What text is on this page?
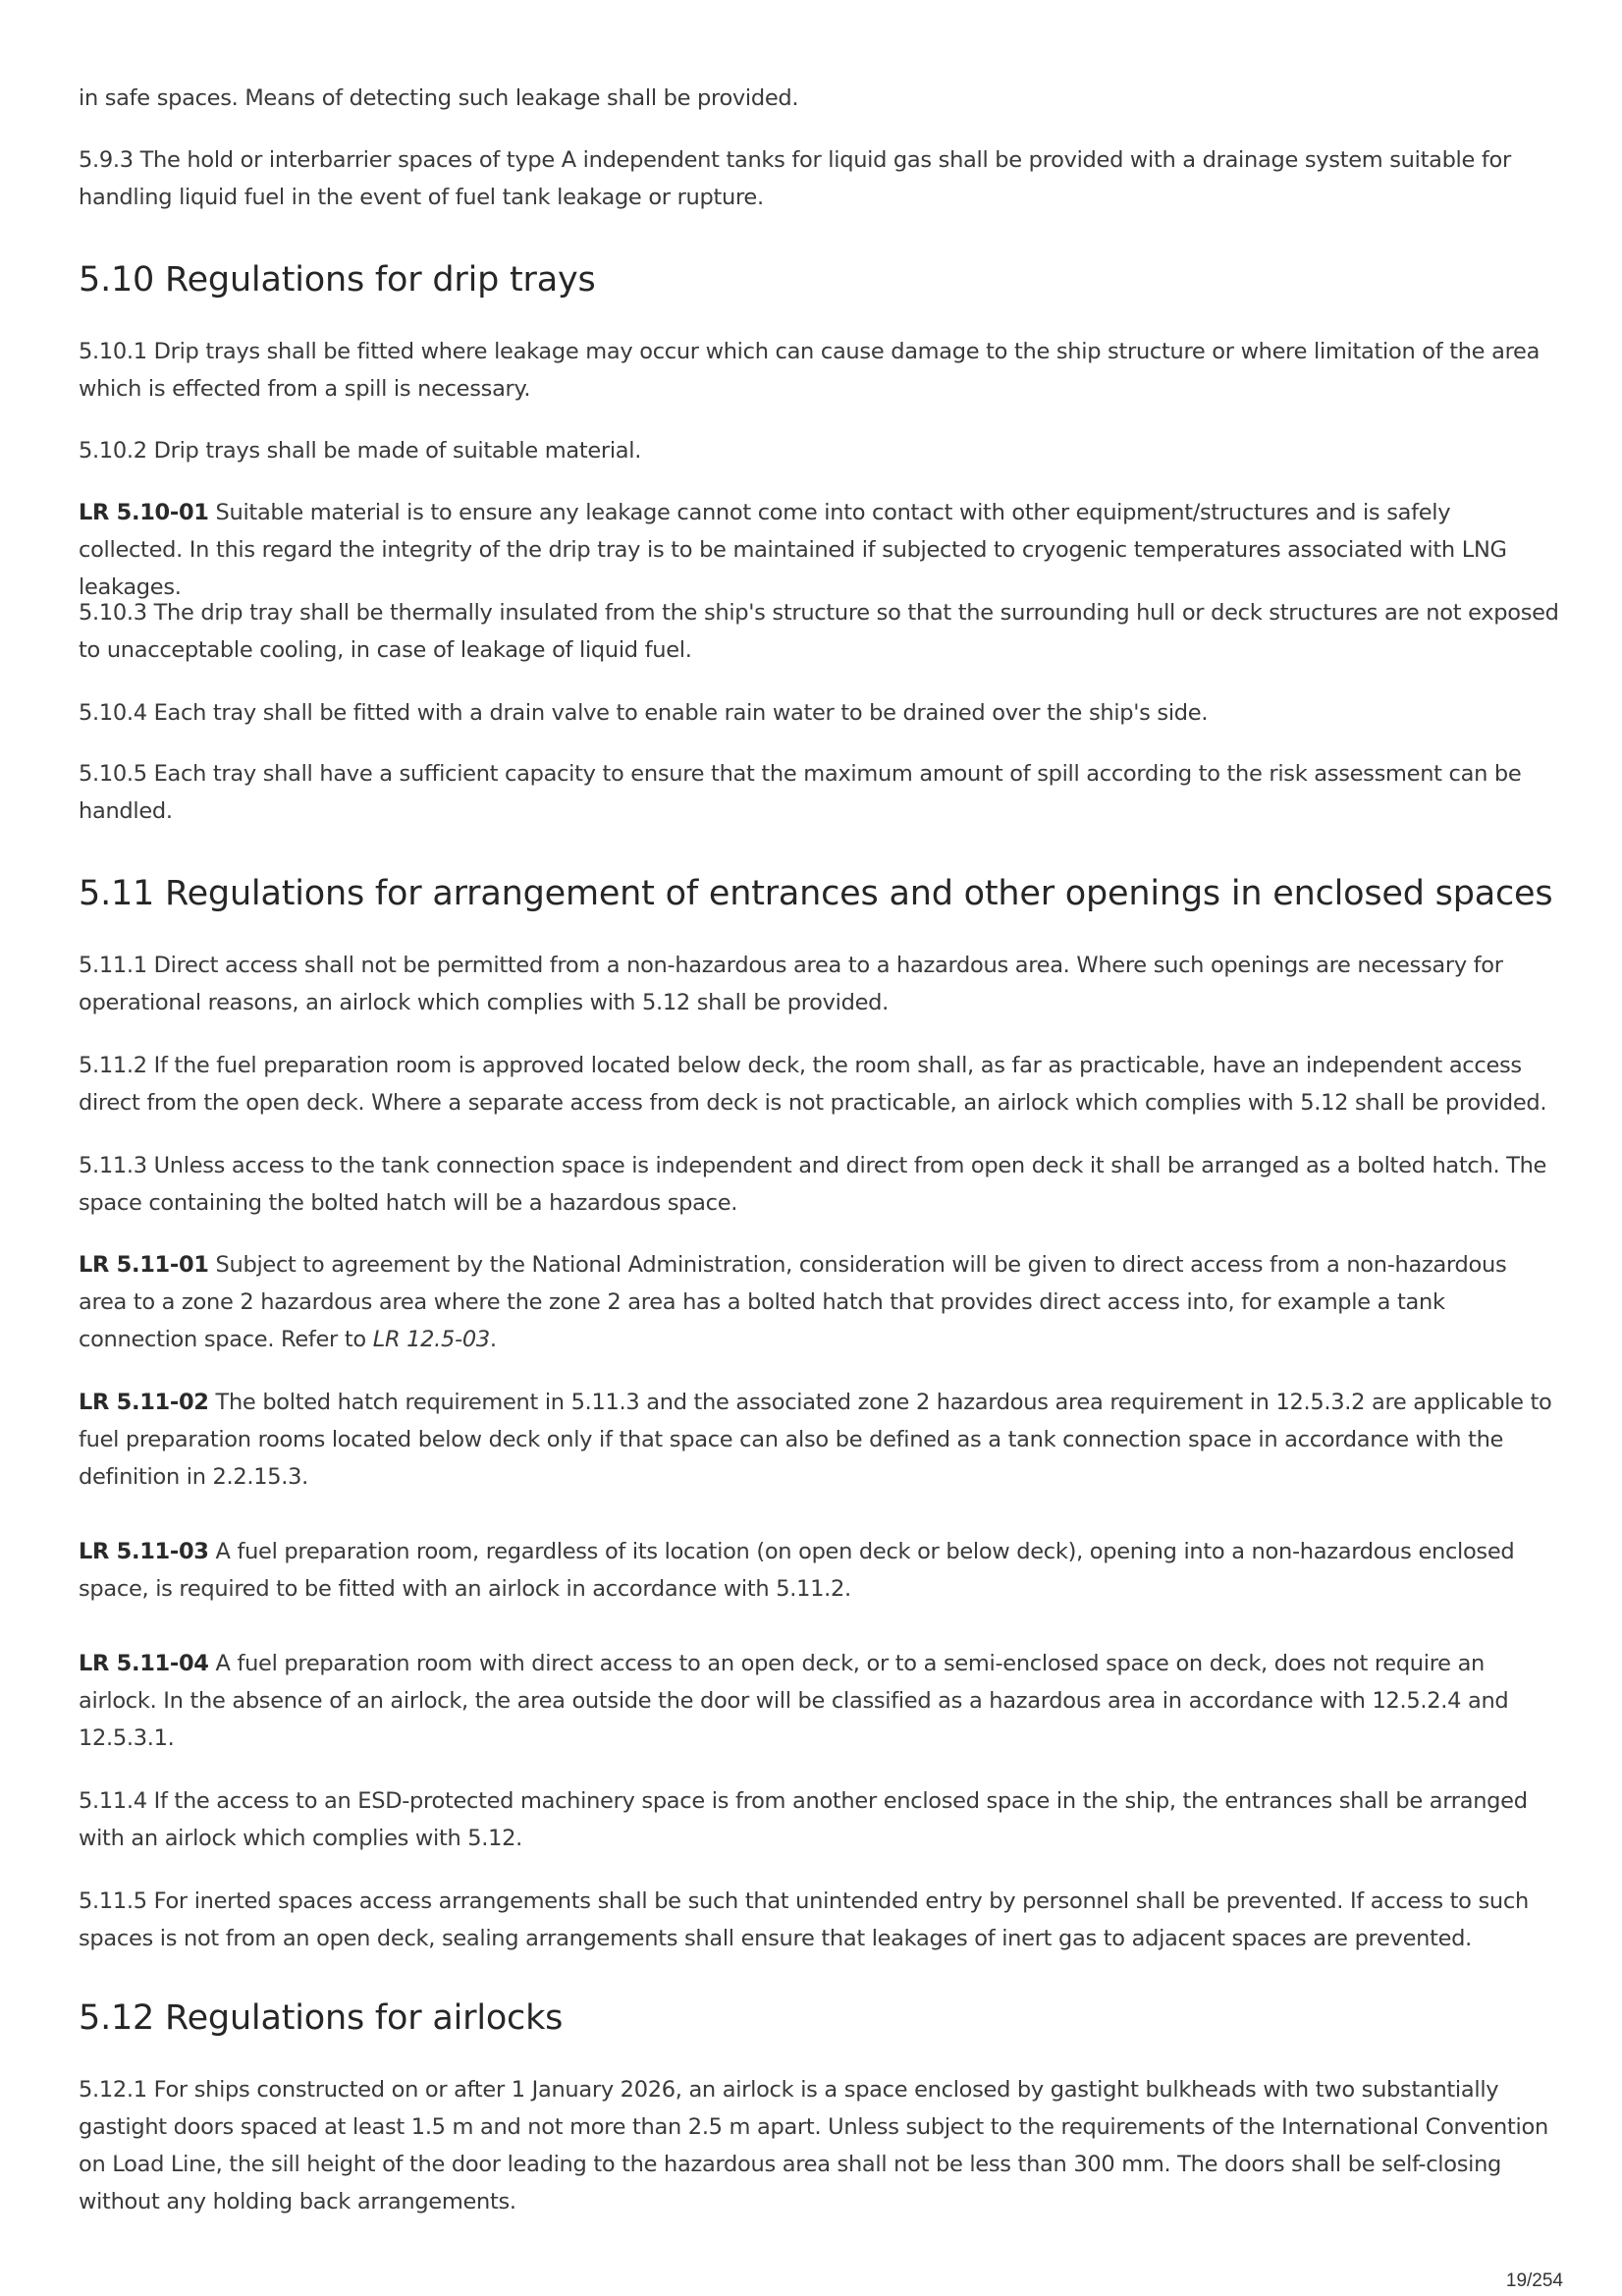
in safe spaces. Means of detecting such leakage shall be provided.

5.9.3 The hold or interbarrier spaces of type A independent tanks for liquid gas shall be provided with a drainage system suitable for handling liquid fuel in the event of fuel tank leakage or rupture.

5.10 Regulations for drip trays

5.10.1 Drip trays shall be fitted where leakage may occur which can cause damage to the ship structure or where limitation of the area which is effected from a spill is necessary.

5.10.2 Drip trays shall be made of suitable material.

LR 5.10-01 Suitable material is to ensure any leakage cannot come into contact with other equipment/structures and is safely collected. In this regard the integrity of the drip tray is to be maintained if subjected to cryogenic temperatures associated with LNG leakages.

5.10.3 The drip tray shall be thermally insulated from the ship's structure so that the surrounding hull or deck structures are not exposed to unacceptable cooling, in case of leakage of liquid fuel.

5.10.4 Each tray shall be fitted with a drain valve to enable rain water to be drained over the ship's side.

5.10.5 Each tray shall have a sufficient capacity to ensure that the maximum amount of spill according to the risk assessment can be handled.

5.11 Regulations for arrangement of entrances and other openings in enclosed spaces

5.11.1 Direct access shall not be permitted from a non-hazardous area to a hazardous area. Where such openings are necessary for operational reasons, an airlock which complies with 5.12 shall be provided.

5.11.2 If the fuel preparation room is approved located below deck, the room shall, as far as practicable, have an independent access direct from the open deck. Where a separate access from deck is not practicable, an airlock which complies with 5.12 shall be provided.

5.11.3 Unless access to the tank connection space is independent and direct from open deck it shall be arranged as a bolted hatch. The space containing the bolted hatch will be a hazardous space.

LR 5.11-01 Subject to agreement by the National Administration, consideration will be given to direct access from a non-hazardous area to a zone 2 hazardous area where the zone 2 area has a bolted hatch that provides direct access into, for example a tank connection space. Refer to LR 12.5-03.

LR 5.11-02 The bolted hatch requirement in 5.11.3 and the associated zone 2 hazardous area requirement in 12.5.3.2 are applicable to fuel preparation rooms located below deck only if that space can also be defined as a tank connection space in accordance with the definition in 2.2.15.3.

LR 5.11-03 A fuel preparation room, regardless of its location (on open deck or below deck), opening into a non-hazardous enclosed space, is required to be fitted with an airlock in accordance with 5.11.2.

LR 5.11-04 A fuel preparation room with direct access to an open deck, or to a semi-enclosed space on deck, does not require an airlock. In the absence of an airlock, the area outside the door will be classified as a hazardous area in accordance with 12.5.2.4 and 12.5.3.1.

5.11.4 If the access to an ESD-protected machinery space is from another enclosed space in the ship, the entrances shall be arranged with an airlock which complies with 5.12.

5.11.5 For inerted spaces access arrangements shall be such that unintended entry by personnel shall be prevented. If access to such spaces is not from an open deck, sealing arrangements shall ensure that leakages of inert gas to adjacent spaces are prevented.

5.12 Regulations for airlocks

5.12.1 For ships constructed on or after 1 January 2026, an airlock is a space enclosed by gastight bulkheads with two substantially gastight doors spaced at least 1.5 m and not more than 2.5 m apart. Unless subject to the requirements of the International Convention on Load Line, the sill height of the door leading to the hazardous area shall not be less than 300 mm. The doors shall be self-closing without any holding back arrangements.

19/254
